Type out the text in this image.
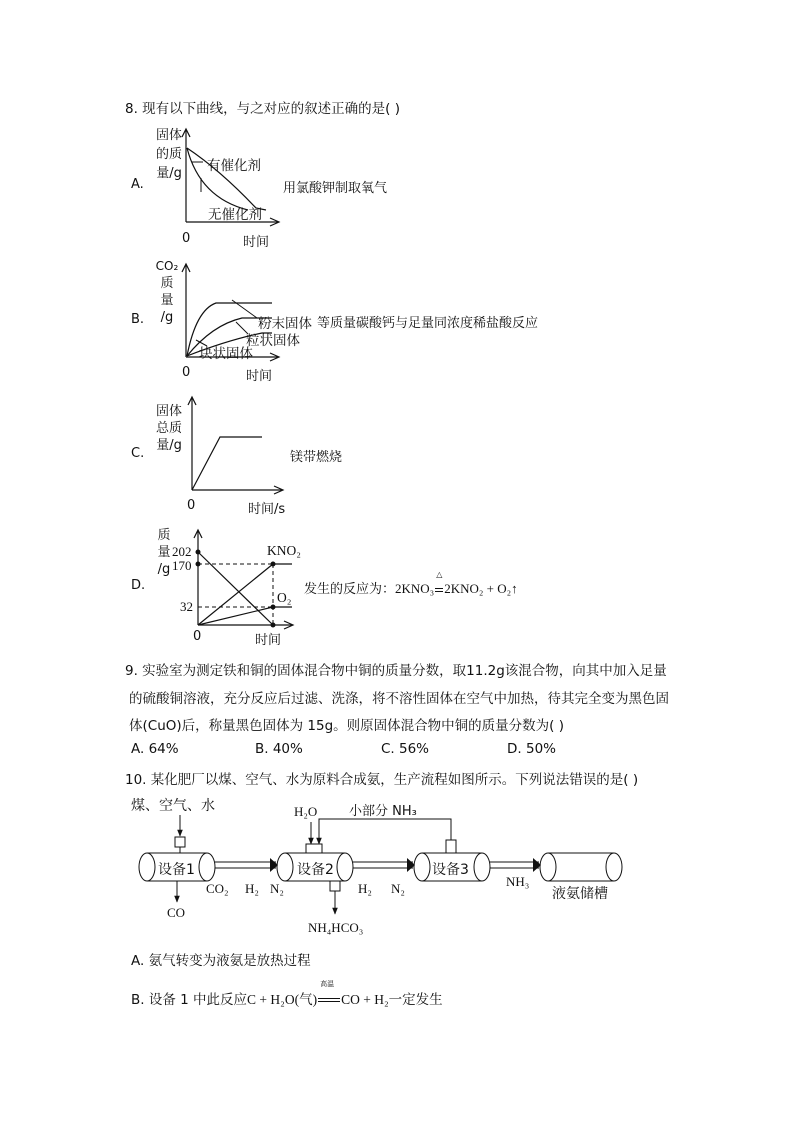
8. 现有以下曲线，与之对应的叙述正确的是( )
A.
固体
的质
量/g
0	时间
有催化剂
无催化剂
用氯酸钾制取氧气
B.
CO₂
质
量
/g
0	时间
粉末固体 等质量碳酸钙与足量同浓度稀盐酸反应
粒状固体
块状固体
C.
固体
总质
量/g
0	时间/s
镁带燃烧
D.
质
量
/g
202
170
32
0	时间
KNO₂
O₂
发生的反应为：2KNO₃
△
2KNO₂ + O₂↑
9. 实验室为测定铁和铜的固体混合物中铜的质量分数，取11.2g该混合物，向其中加入足量
的硫酸铜溶液，充分反应后过滤、洗涤，将不溶性固体在空气中加热，待其完全变为黑色固
体(CuO)后，称量黑色固体为 15g。则原固体混合物中铜的质量分数为( )
A. 64%	B. 40%	C. 56%	D. 50%
10. 某化肥厂以煤、空气、水为原料合成氨，生产流程如图所示。下列说法错误的是( )
煤、空气、水	H₂O 小部分 NH₃
设备1	设备2	设备3
液氨储槽
CO
CO₂ H₂ N₂
NH₄HCO₃
H₂ N₂	NH₃
A. 氨气转变为液氨是放热过程
B. 设备 1 中此反应C + H₂O(气)
高温
CO + H₂一定发生
